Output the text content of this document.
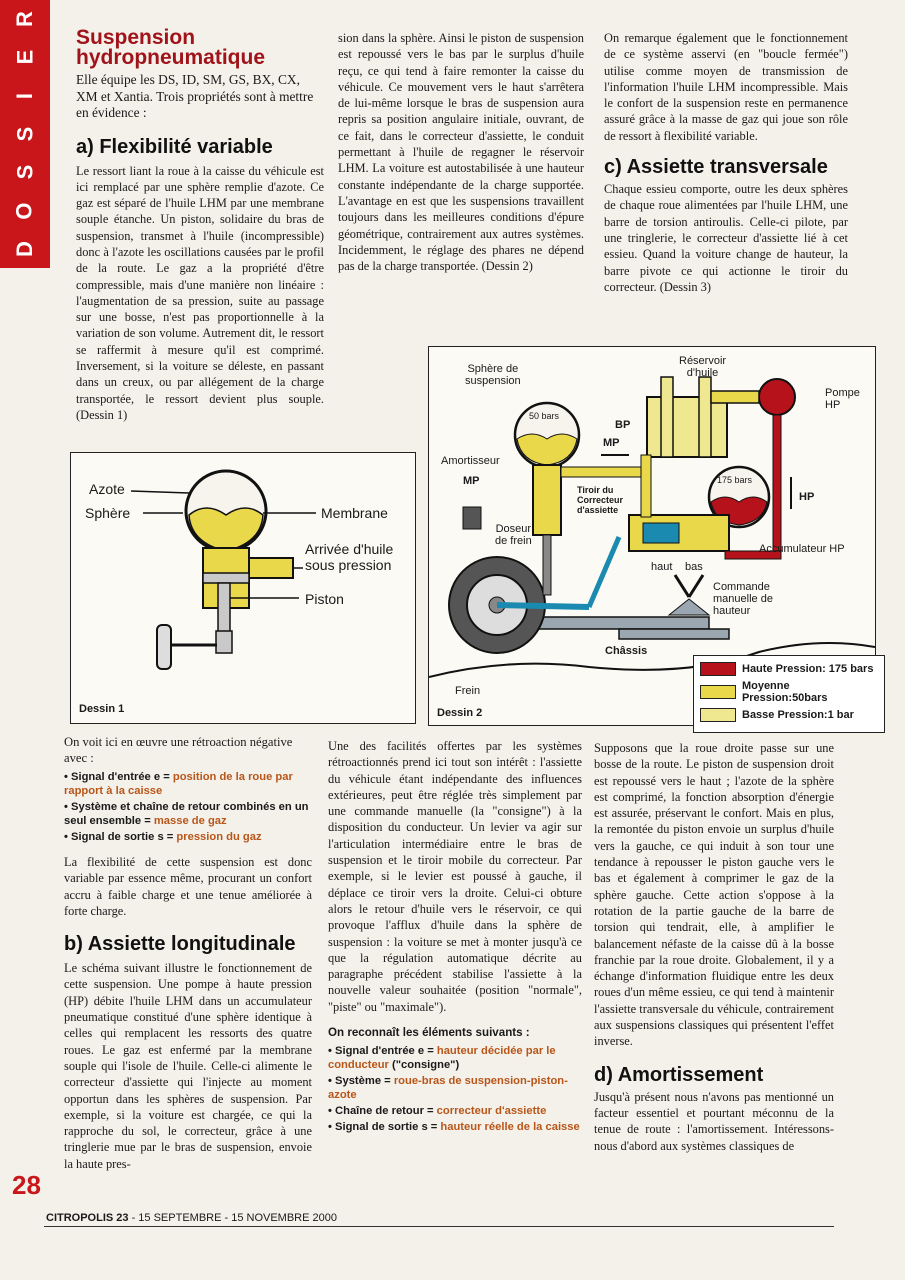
R
E
I
S
S
O
D
Suspension
hydropneumatique
Elle équipe les DS, ID, SM, GS, BX, CX, XM et Xantia. Trois propriétés sont à mettre en évidence :
a) Flexibilité variable
Le ressort liant la roue à la caisse du véhicule est ici remplacé par une sphère remplie d'azote. Ce gaz est séparé de l'huile LHM par une membrane souple étanche. Un piston, solidaire du bras de suspension, transmet à l'huile (incompressible) donc à l'azote les oscillations causées par le profil de la route. Le gaz a la propriété d'être compressible, mais d'une manière non linéaire : l'augmentation de sa pression, suite au passage sur une bosse, n'est pas proportionnelle à la variation de son volume. Autrement dit, le ressort se raffermit à mesure qu'il est comprimé. Inversement, si la voiture se déleste, en passant dans un creux, ou par allégement de la charge transportée, le ressort devient plus souple. (Dessin 1)
sion dans la sphère. Ainsi le piston de suspension est repoussé vers le bas par le surplus d'huile reçu, ce qui tend à faire remonter la caisse du véhicule. Ce mouvement vers le haut s'arrêtera de lui-même lorsque le bras de suspension aura repris sa position angulaire initiale, ouvrant, de ce fait, dans le correcteur d'assiette, le conduit permettant à l'huile de regagner le réservoir LHM. La voiture est autostabilisée à une hauteur constante indépendante de la charge supportée. L'avantage en est que les suspensions travaillent toujours dans les meilleures conditions d'épure géométrique, contrairement aux autres systèmes. Incidemment, le réglage des phares ne dépend pas de la charge transportée. (Dessin 2)
On remarque également que le fonctionnement de ce système asservi (en "boucle fermée") utilise comme moyen de transmission de l'information l'huile LHM incompressible. Mais le confort de la suspension reste en permanence assuré grâce à la masse de gaz qui joue son rôle de ressort à flexibilité variable.
c) Assiette transversale
Chaque essieu comporte, outre les deux sphères de chaque roue alimentées par l'huile LHM, une barre de torsion antiroulis. Celle-ci pilote, par une tringlerie, le correcteur d'assiette lié à cet essieu. Quand la voiture change de hauteur, la barre pivote ce qui actionne le tiroir du correcteur. (Dessin 3)
Azote
Sphère	Membrane
Arrivée d'huile
sous pression
Piston
Dessin 1
Sphère de
suspension
50 bars
Réservoir
d'huile
Pompe
HP
BP
MP
Amortisseur
MP
Tiroir du
Correcteur
d'assiette
175 bars
HP
Doseur
de frein
Accumulateur HP
haut bas
Commande
manuelle de
hauteur
Châssis
Frein
Dessin 2
Haute Pression: 175 bars
Moyenne Pression:50bars
Basse Pression:1 bar
On voit ici en œuvre une rétroaction négative avec :
• Signal d'entrée e = position de la roue par rapport à la caisse
• Système et chaîne de retour combinés en un seul ensemble = masse de gaz
• Signal de sortie s = pression du gaz
La flexibilité de cette suspension est donc variable par essence même, procurant un confort accru à faible charge et une tenue améliorée à forte charge.
b) Assiette longitudinale
Le schéma suivant illustre le fonctionnement de cette suspension. Une pompe à haute pression (HP) débite l'huile LHM dans un accumulateur pneumatique constitué d'une sphère identique à celles qui remplacent les ressorts des quatre roues. Le gaz est enfermé par la membrane souple qui l'isole de l'huile. Celle-ci alimente le correcteur d'assiette qui l'injecte au moment opportun dans les sphères de suspension. Par exemple, si la voiture est chargée, ce qui la rapproche du sol, le correcteur, grâce à une tringlerie mue par le bras de suspension, envoie la haute pres-
Une des facilités offertes par les systèmes rétroactionnés prend ici tout son intérêt : l'assiette du véhicule étant indépendante des influences extérieures, peut être réglée très simplement par une commande manuelle (la "consigne") à la disposition du conducteur. Un levier va agir sur l'articulation intermédiaire entre le bras de suspension et le tiroir mobile du correcteur. Par exemple, si le levier est poussé à gauche, il déplace ce tiroir vers la droite. Celui-ci obture alors le retour d'huile vers le réservoir, ce qui provoque l'afflux d'huile dans la sphère de suspension : la voiture se met à monter jusqu'à ce que la régulation automatique décrite au paragraphe précédent stabilise l'assiette à la nouvelle valeur souhaitée (position "normale", "piste" ou "maximale").
On reconnaît les éléments suivants :
• Signal d'entrée e = hauteur décidée par le conducteur ("consigne")
• Système = roue-bras de suspension-piston-azote
• Chaîne de retour = correcteur d'assiette
• Signal de sortie s = hauteur réelle de la caisse
Supposons que la roue droite passe sur une bosse de la route. Le piston de suspension droit est repoussé vers le haut ; l'azote de la sphère est comprimé, la fonction absorption d'énergie est assurée, préservant le confort. Mais en plus, la remontée du piston envoie un surplus d'huile vers la gauche, ce qui induit à son tour une tendance à repousser le piston gauche vers le bas et également à comprimer le gaz de la sphère gauche. Cette action s'oppose à la rotation de la partie gauche de la barre de torsion qui tendrait, elle, à amplifier le balancement néfaste de la caisse dû à la bosse franchie par la roue droite. Globalement, il y a échange d'information fluidique entre les deux roues d'un même essieu, ce qui tend à maintenir l'assiette transversale du véhicule, contrairement aux suspensions classiques qui présentent l'effet inverse.
d) Amortissement
Jusqu'à présent nous n'avons pas mentionné un facteur essentiel et pourtant méconnu de la tenue de route : l'amortissement. Intéressons-nous d'abord aux systèmes classiques de
28
CITROPOLIS 23 - 15 SEPTEMBRE - 15 NOVEMBRE 2000
